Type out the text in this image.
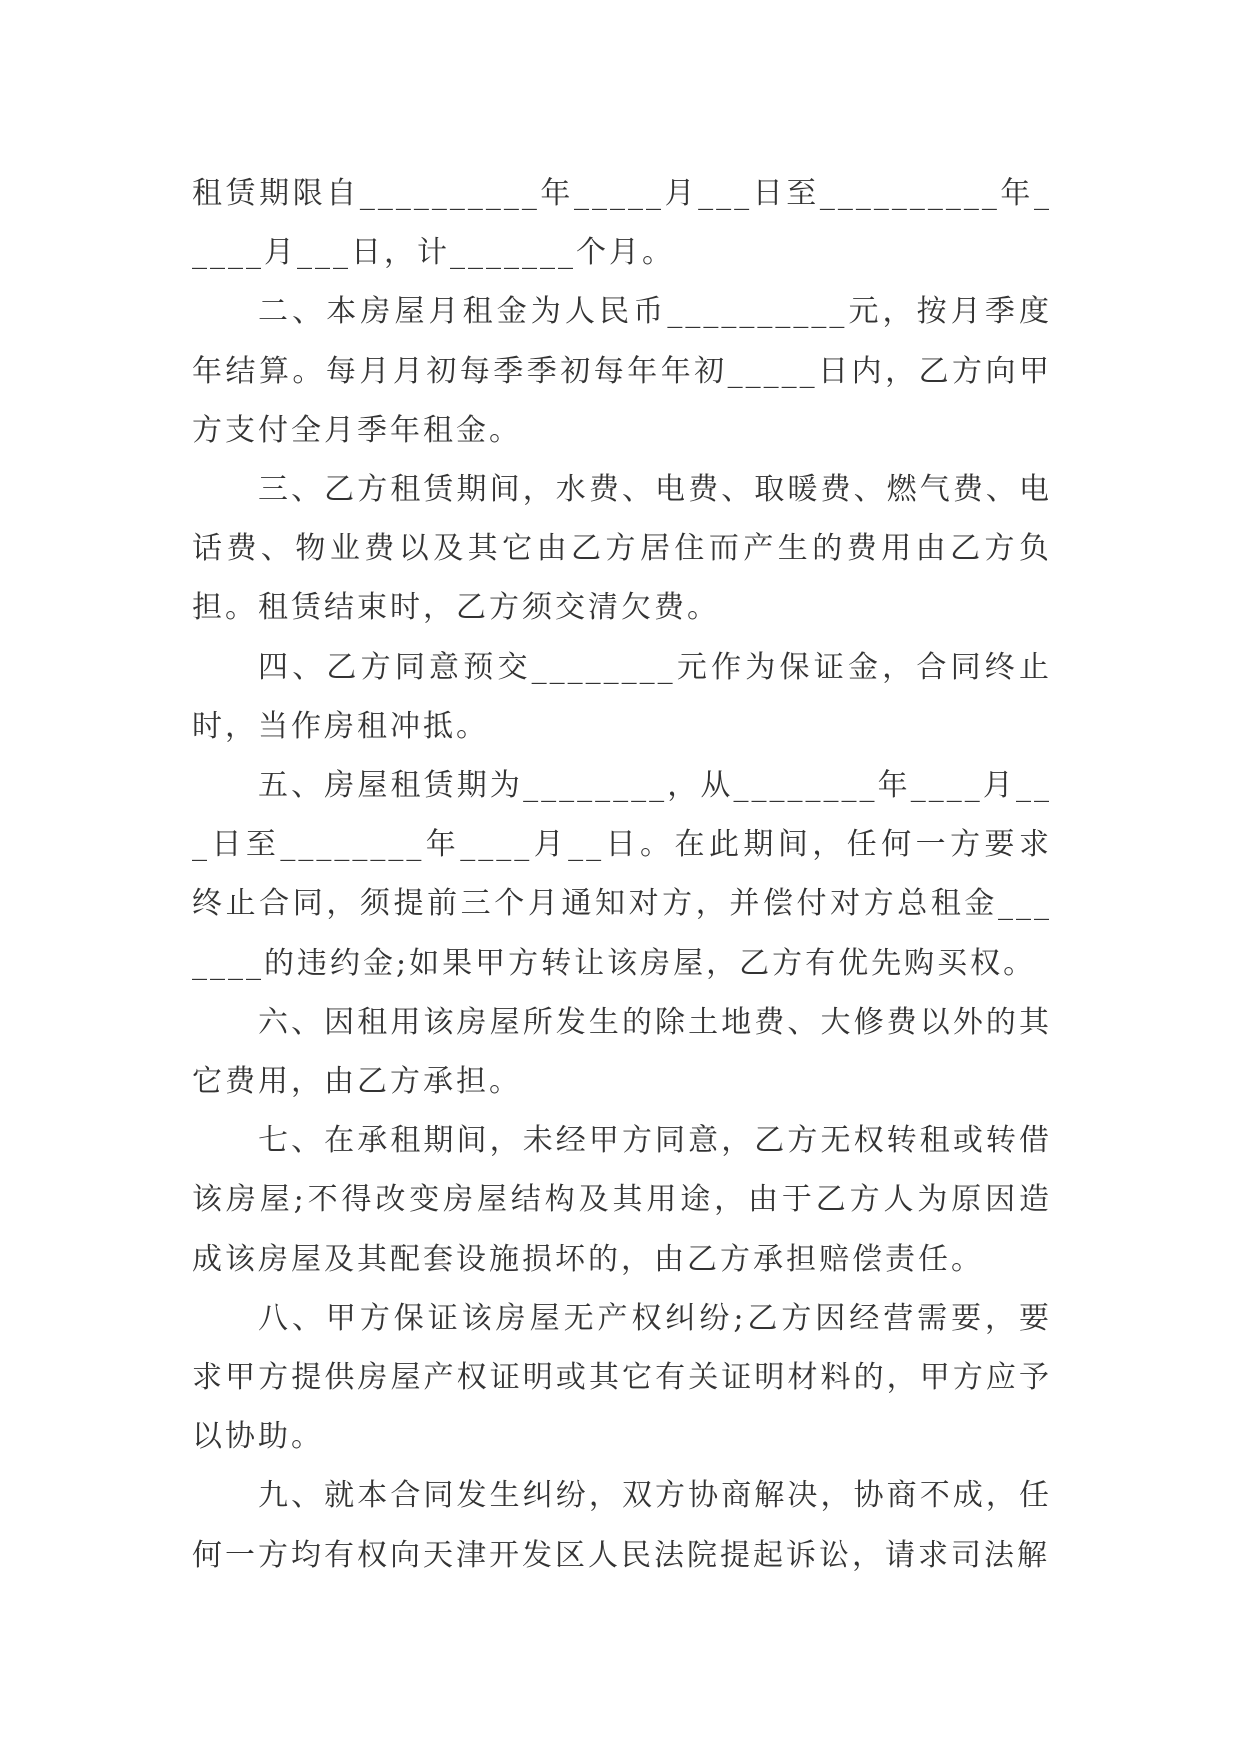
租赁期限自__________年_____月___日至__________年_____月___日，计_______个月。

二、本房屋月租金为人民币__________元，按月季度年结算。每月月初每季季初每年年初_____日内，乙方向甲方支付全月季年租金。

三、乙方租赁期间，水费、电费、取暖费、燃气费、电话费、物业费以及其它由乙方居住而产生的费用由乙方负担。租赁结束时，乙方须交清欠费。

四、乙方同意预交________元作为保证金，合同终止时，当作房租冲抵。

五、房屋租赁期为________，从________年____月___日至________年____月__日。在此期间，任何一方要求终止合同，须提前三个月通知对方，并偿付对方总租金_______的违约金;如果甲方转让该房屋，乙方有优先购买权。

六、因租用该房屋所发生的除土地费、大修费以外的其它费用，由乙方承担。

七、在承租期间，未经甲方同意，乙方无权转租或转借该房屋;不得改变房屋结构及其用途，由于乙方人为原因造成该房屋及其配套设施损坏的，由乙方承担赔偿责任。

八、甲方保证该房屋无产权纠纷;乙方因经营需要，要求甲方提供房屋产权证明或其它有关证明材料的，甲方应予以协助。

九、就本合同发生纠纷，双方协商解决，协商不成，任何一方均有权向天津开发区人民法院提起诉讼，请求司法解
